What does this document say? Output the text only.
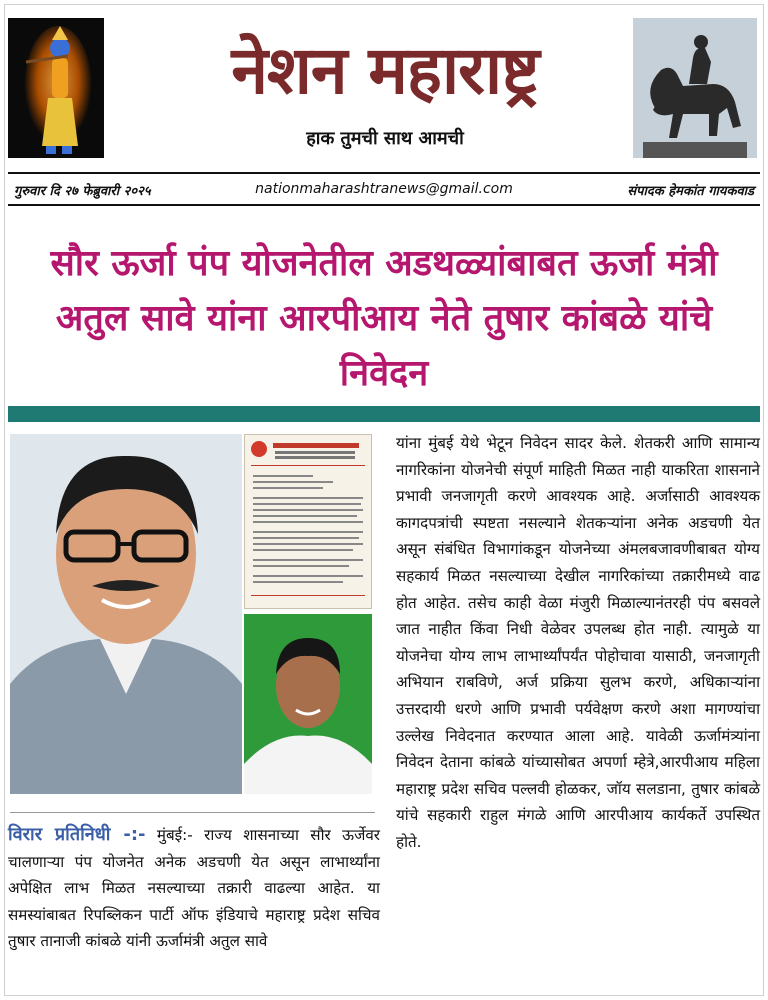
नेशन महाराष्ट्र
हाक तुमची साथ आमची
गुरुवार दि २७ फेब्रुवारी २०२५	nationmaharashtranews@gmail.com	संपादक हेमकांत गायकवाड
सौर ऊर्जा पंप योजनेतील अडथळ्यांबाबत ऊर्जा मंत्री अतुल सावे यांना आरपीआय नेते तुषार कांबळे यांचे निवेदन
यांना मुंबई येथे भेटून निवेदन सादर केले. शेतकरी आणि सामान्य नागरिकांना योजनेची संपूर्ण माहिती मिळत नाही याकरिता शासनाने प्रभावी जनजागृती करणे आवश्यक आहे. अर्जासाठी आवश्यक कागदपत्रांची स्पष्टता नसल्याने शेतकऱ्यांना अनेक अडचणी येत असून संबंधित विभागांकडून योजनेच्या अंमलबजावणीबाबत योग्य सहकार्य मिळत नसल्याच्या देखील नागरिकांच्या तक्रारीमध्ये वाढ होत आहेत. तसेच काही वेळा मंजुरी मिळाल्यानंतरही पंप बसवले जात नाहीत किंवा निधी वेळेवर उपलब्ध होत नाही. त्यामुळे या योजनेचा योग्य लाभ लाभार्थ्यांपर्यंत पोहोचावा यासाठी, जनजागृती अभियान राबविणे, अर्ज प्रक्रिया सुलभ करणे, अधिकाऱ्यांना उत्तरदायी धरणे आणि प्रभावी पर्यवेक्षण करणे अशा मागण्यांचा उल्लेख निवेदनात करण्यात आला आहे. यावेळी ऊर्जामंत्र्यांना निवेदन देताना कांबळे यांच्यासोबत अपर्णा म्हेत्रे,आरपीआय महिला महाराष्ट्र प्रदेश सचिव पल्लवी होळकर, जॉय सलडाना, तुषार कांबळे यांचे सहकारी राहुल मंगळे आणि आरपीआय कार्यकर्ते उपस्थित होते.
विरार प्रतिनिधी -:- मुंबई:- राज्य शासनाच्या सौर ऊर्जेवर चालणाऱ्या पंप योजनेत अनेक अडचणी येत असून लाभार्थ्यांना अपेक्षित लाभ मिळत नसल्याच्या तक्रारी वाढल्या आहेत. या समस्यांबाबत रिपब्लिकन पार्टी ऑफ इंडियाचे महाराष्ट्र प्रदेश सचिव तुषार तानाजी कांबळे यांनी ऊर्जामंत्री अतुल सावे
